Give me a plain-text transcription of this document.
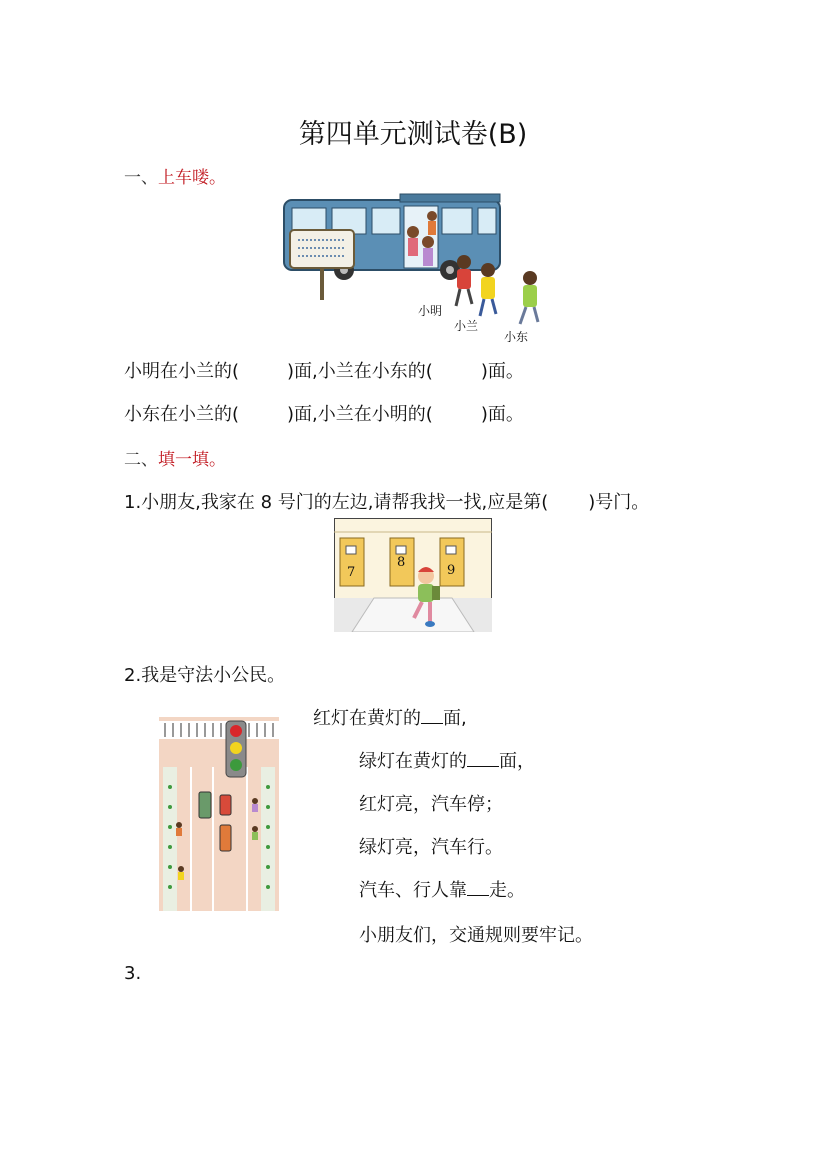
第四单元测试卷(B)
一、上车喽。
小明
小兰
小东
小明在小兰的(	)面,小兰在小东的(	)面。
小东在小兰的(	)面,小兰在小明的(	)面。
二、填一填。
1.小朋友,我家在 8 号门的左边,请帮我找一找,应是第( )号门。
7
8
9
2.我是守法小公民。
红灯在黄灯的 面,
绿灯在黄灯的 面，
红灯亮，汽车停；
绿灯亮，汽车行。
汽车、行人靠 走。
小朋友们，交通规则要牢记。
3.
